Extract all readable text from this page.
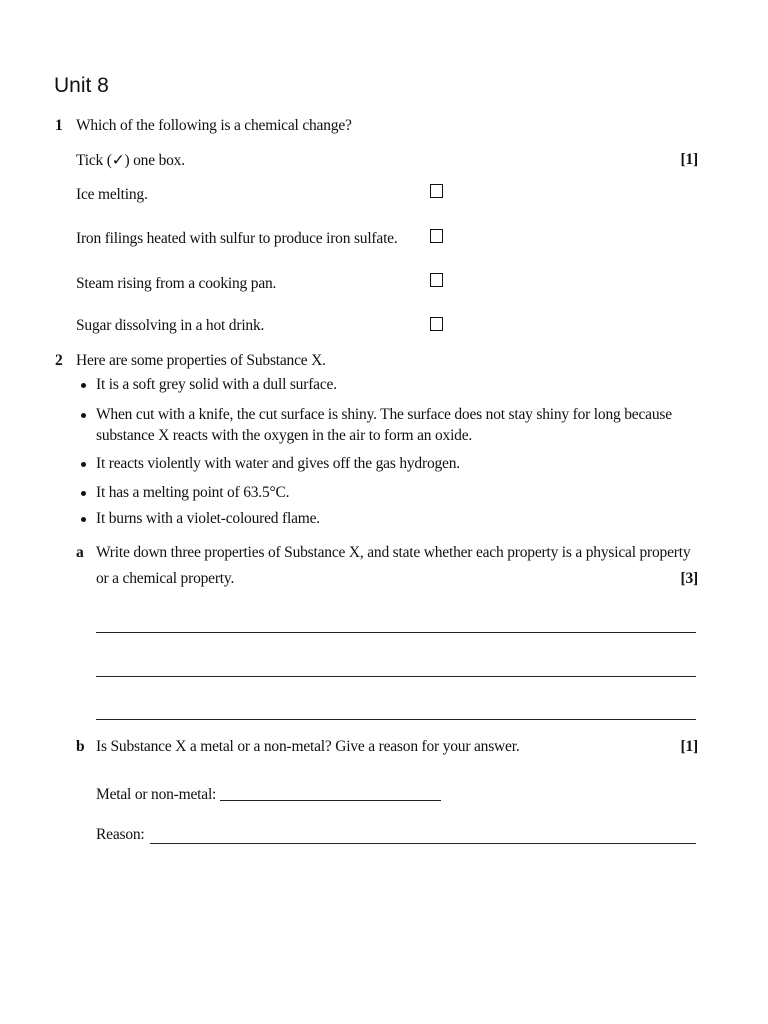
Unit 8
1 Which of the following is a chemical change?
Tick (✓) one box.	[1]
Ice melting.
Iron filings heated with sulfur to produce iron sulfate.
Steam rising from a cooking pan.
Sugar dissolving in a hot drink.
2 Here are some properties of Substance X.
It is a soft grey solid with a dull surface.
When cut with a knife, the cut surface is shiny. The surface does not stay shiny for long because
substance X reacts with the oxygen in the air to form an oxide.
It reacts violently with water and gives off the gas hydrogen.
It has a melting point of 63.5°C.
It burns with a violet-coloured flame.
a Write down three properties of Substance X, and state whether each property is a physical property
or a chemical property.	[3]
b Is Substance X a metal or a non-metal? Give a reason for your answer.	[1]
Metal or non-metal:
Reason:
